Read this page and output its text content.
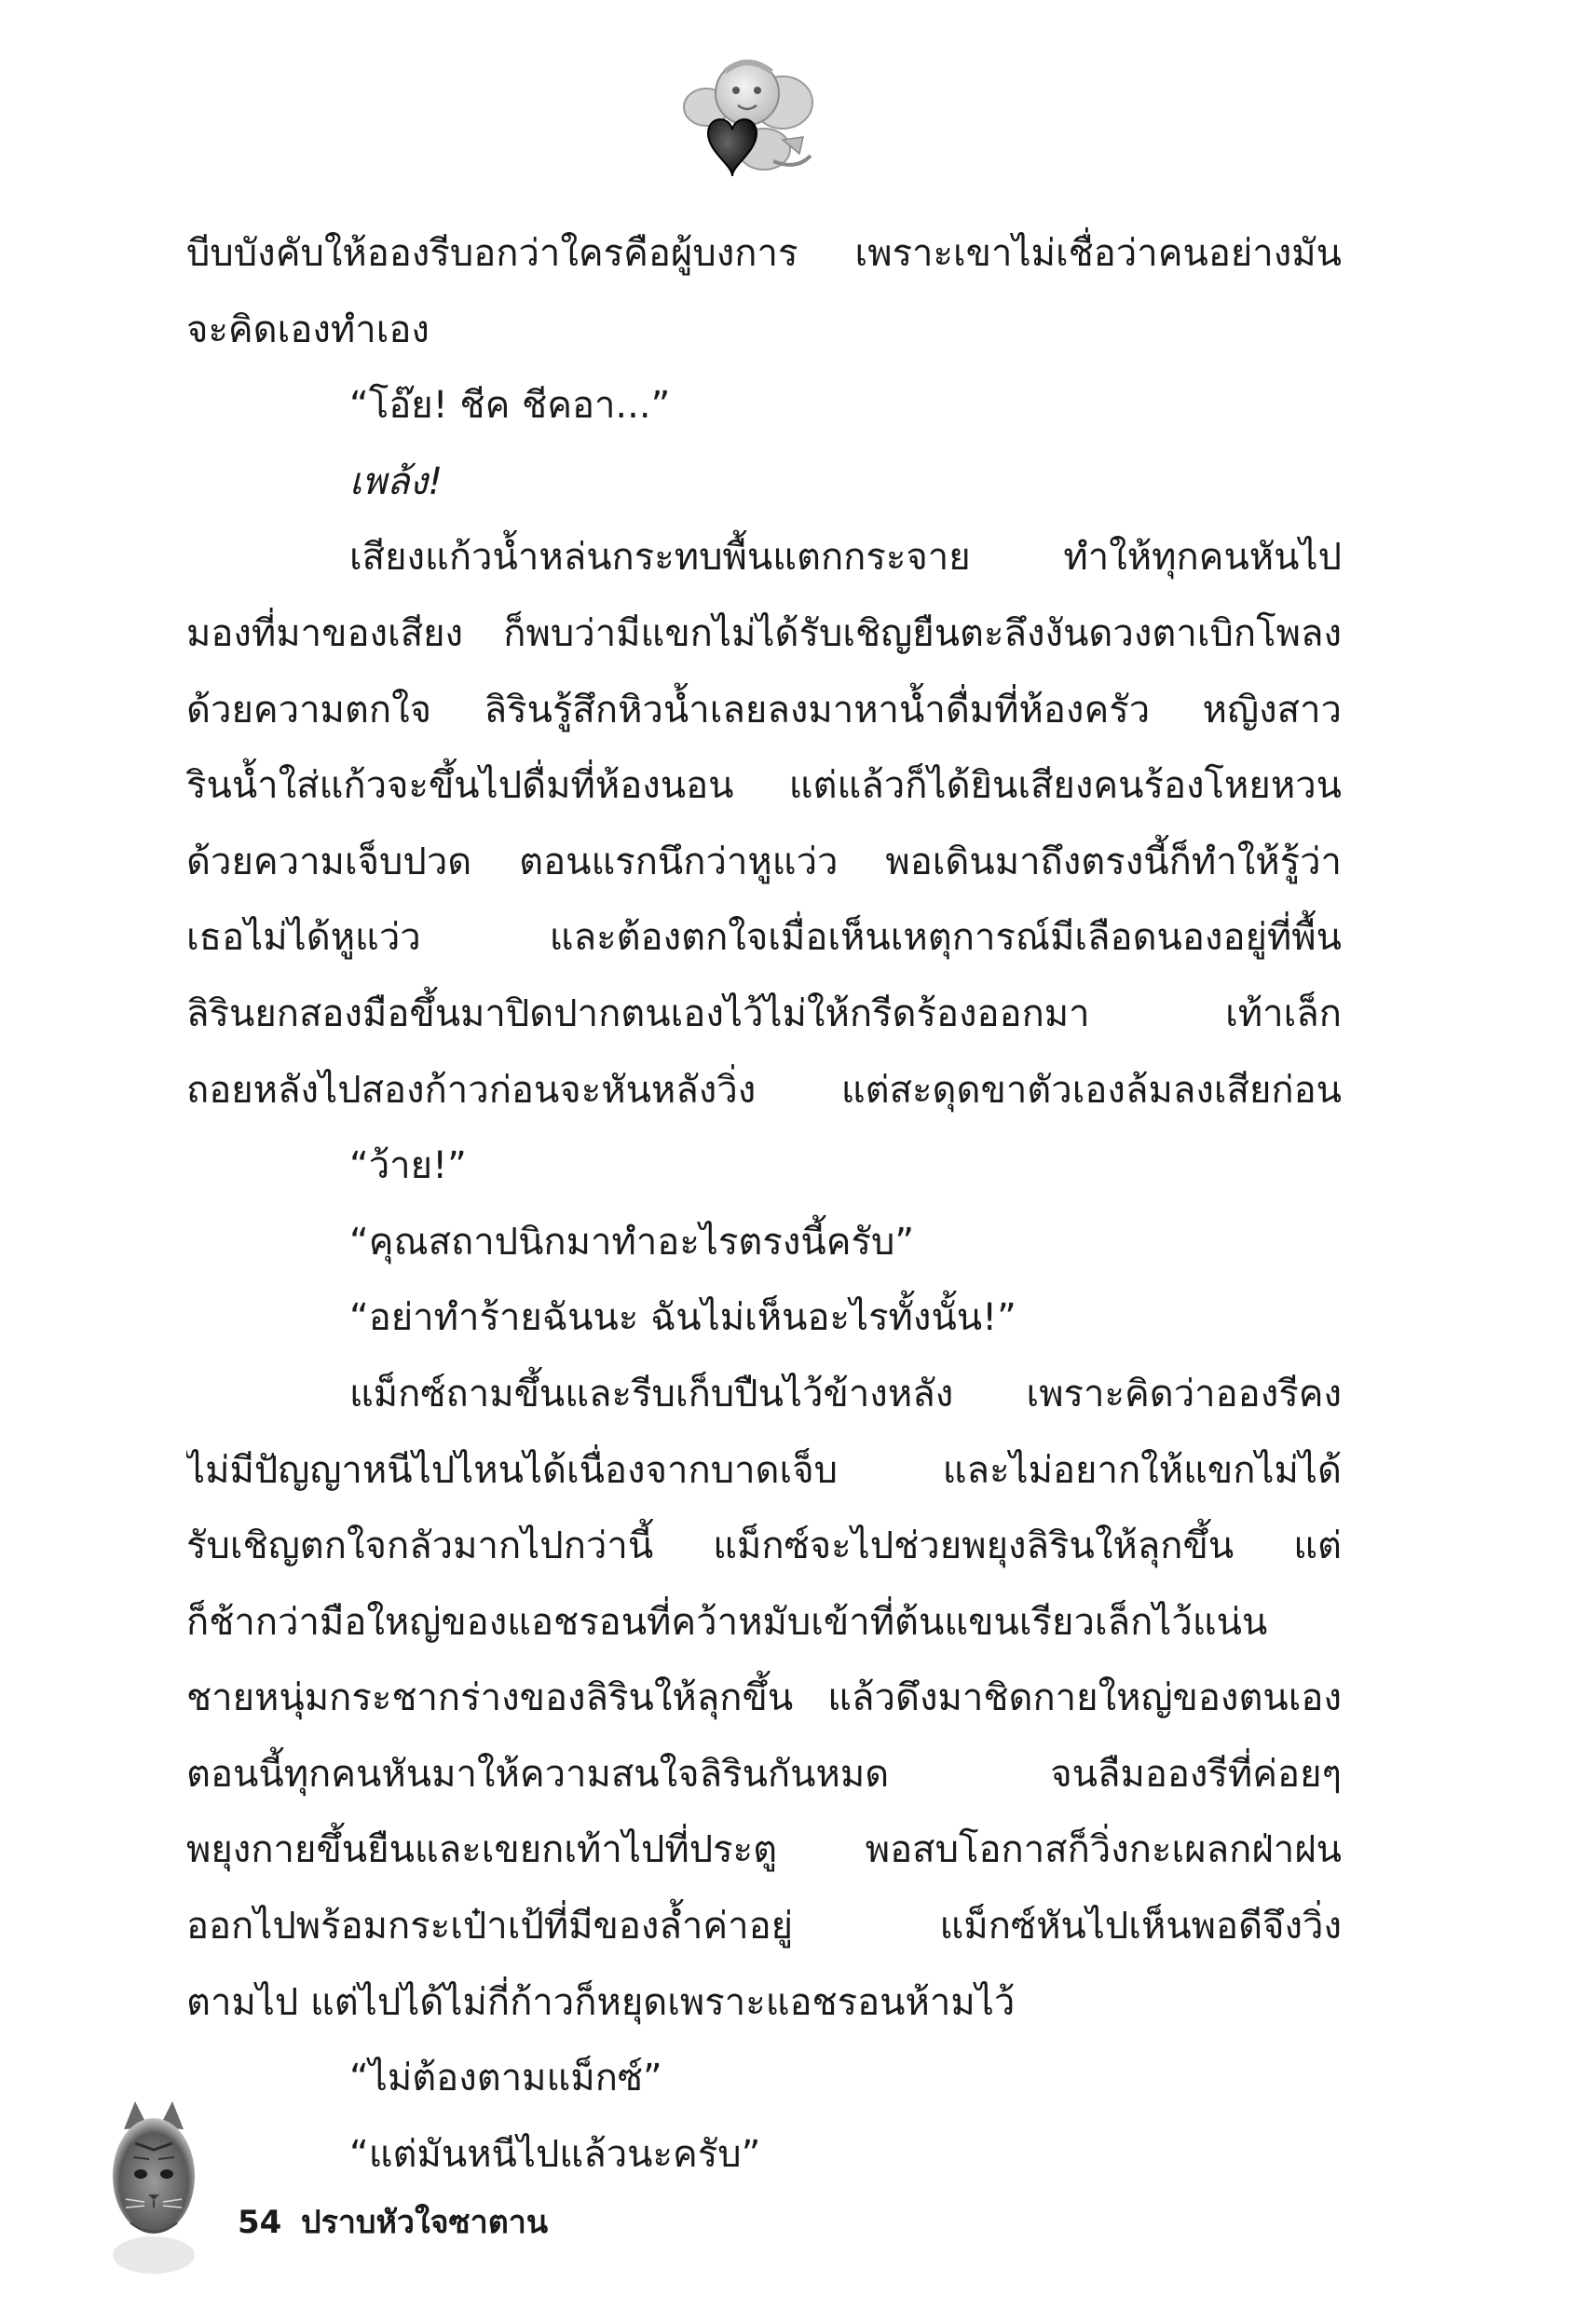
บีบบังคับให้อองรีบอกว่าใครคือผู้บงการ เพราะเขาไม่เชื่อว่าคนอย่างมัน
จะคิดเองทำเอง
“โอ๊ย! ชีค ชีคอา...”
เพล้ง!
เสียงแก้วน้ำหล่นกระทบพื้นแตกกระจาย ทำให้ทุกคนหันไป
มองที่มาของเสียง ก็พบว่ามีแขกไม่ได้รับเชิญยืนตะลึงงันดวงตาเบิกโพลง
ด้วยความตกใจ ลิรินรู้สึกหิวน้ำเลยลงมาหาน้ำดื่มที่ห้องครัว หญิงสาว
รินน้ำใส่แก้วจะขึ้นไปดื่มที่ห้องนอน แต่แล้วก็ได้ยินเสียงคนร้องโหยหวน
ด้วยความเจ็บปวด ตอนแรกนึกว่าหูแว่ว พอเดินมาถึงตรงนี้ก็ทำให้รู้ว่า
เธอไม่ได้หูแว่ว และต้องตกใจเมื่อเห็นเหตุการณ์มีเลือดนองอยู่ที่พื้น
ลิรินยกสองมือขึ้นมาปิดปากตนเองไว้ไม่ให้กรีดร้องออกมา เท้าเล็ก
ถอยหลังไปสองก้าวก่อนจะหันหลังวิ่ง แต่สะดุดขาตัวเองล้มลงเสียก่อน
“ว้าย!”
“คุณสถาปนิกมาทำอะไรตรงนี้ครับ”
“อย่าทำร้ายฉันนะ ฉันไม่เห็นอะไรทั้งนั้น!”
แม็กซ์ถามขึ้นและรีบเก็บปืนไว้ข้างหลัง เพราะคิดว่าอองรีคง
ไม่มีปัญญาหนีไปไหนได้เนื่องจากบาดเจ็บ และไม่อยากให้แขกไม่ได้
รับเชิญตกใจกลัวมากไปกว่านี้ แม็กซ์จะไปช่วยพยุงลิรินให้ลุกขึ้น แต่
ก็ช้ากว่ามือใหญ่ของแอชรอนที่คว้าหมับเข้าที่ต้นแขนเรียวเล็กไว้แน่น
ชายหนุ่มกระชากร่างของลิรินให้ลุกขึ้น แล้วดึงมาชิดกายใหญ่ของตนเอง
ตอนนี้ทุกคนหันมาให้ความสนใจลิรินกันหมด จนลืมอองรีที่ค่อยๆ
พยุงกายขึ้นยืนและเขยกเท้าไปที่ประตู พอสบโอกาสก็วิ่งกะเผลกฝ่าฝน
ออกไปพร้อมกระเป๋าเป้ที่มีของล้ำค่าอยู่ แม็กซ์หันไปเห็นพอดีจึงวิ่ง
ตามไป แต่ไปได้ไม่กี่ก้าวก็หยุดเพราะแอชรอนห้ามไว้
“ไม่ต้องตามแม็กซ์”
“แต่มันหนีไปแล้วนะครับ”
54 ปราบหัวใจซาตาน
